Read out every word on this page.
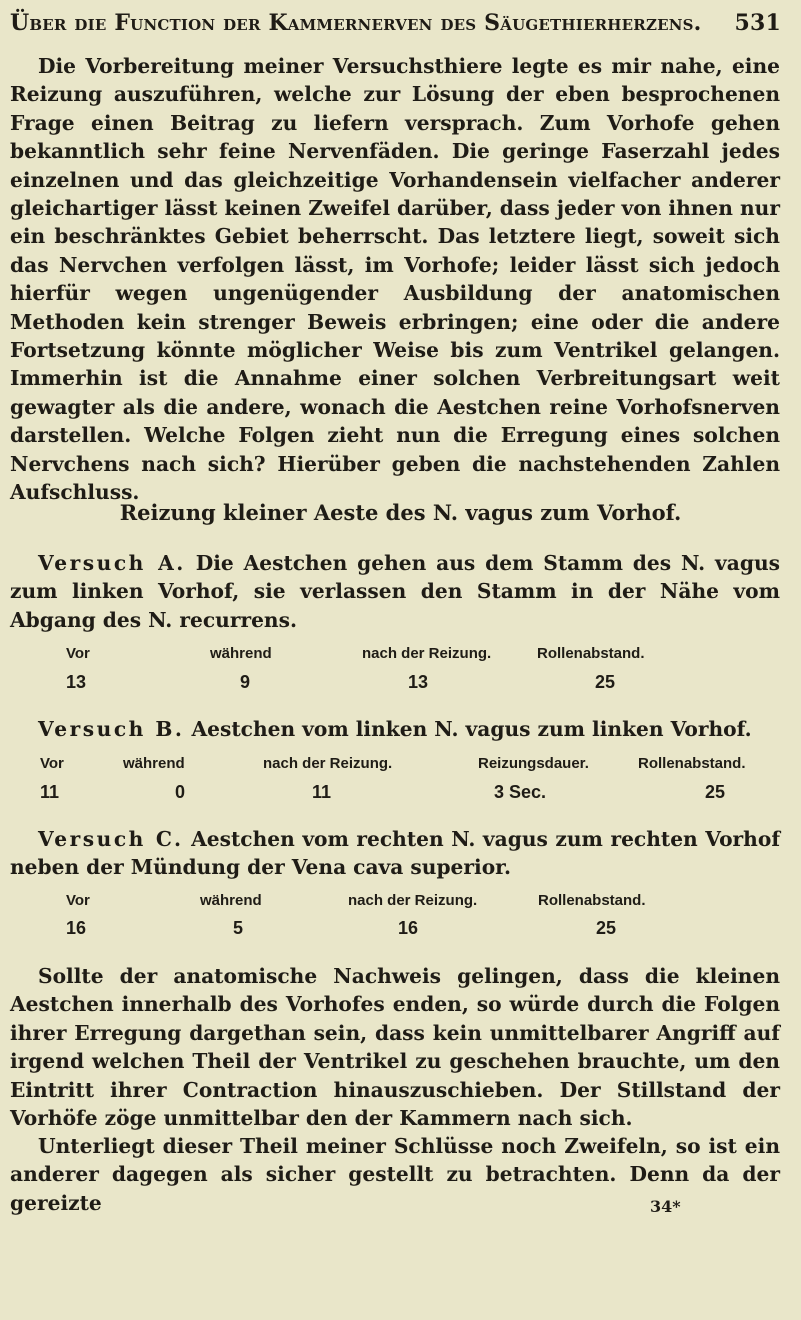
Über die Function der Kammernerven des Säugethierherzens. 531

Die Vorbereitung meiner Versuchsthiere legte es mir nahe, eine Reizung auszuführen, welche zur Lösung der eben besprochenen Frage einen Beitrag zu liefern versprach. Zum Vorhofe gehen bekanntlich sehr feine Nervenfäden. Die geringe Faserzahl jedes einzelnen und das gleichzeitige Vorhandensein vielfacher anderer gleichartiger lässt keinen Zweifel darüber, dass jeder von ihnen nur ein beschränktes Gebiet beherrscht. Das letztere liegt, soweit sich das Nervchen verfolgen lässt, im Vorhofe; leider lässt sich jedoch hierfür wegen ungenügender Ausbildung der anatomischen Methoden kein strenger Beweis erbringen; eine oder die andere Fortsetzung könnte möglicher Weise bis zum Ventrikel gelangen. Immerhin ist die Annahme einer solchen Verbreitungsart weit gewagter als die andere, wonach die Aestchen reine Vorhofsnerven darstellen. Welche Folgen zieht nun die Erregung eines solchen Nervchens nach sich? Hierüber geben die nachstehenden Zahlen Aufschluss.

Reizung kleiner Aeste des N. vagus zum Vorhof.

Versuch A. Die Aestchen gehen aus dem Stamm des N. vagus zum linken Vorhof, sie verlassen den Stamm in der Nähe vom Abgang des N. recurrens.

Vor	während	nach der Reizung.	Rollenabstand.
13	9	13	25

Versuch B. Aestchen vom linken N. vagus zum linken Vorhof.

Vor	während	nach der Reizung.	Reizungsdauer.	Rollenabstand.
11	0	11	3 Sec.	25

Versuch C. Aestchen vom rechten N. vagus zum rechten Vorhof neben der Mündung der Vena cava superior.

Vor	während	nach der Reizung.	Rollenabstand.
16	5	16	25

Sollte der anatomische Nachweis gelingen, dass die kleinen Aestchen innerhalb des Vorhofes enden, so würde durch die Folgen ihrer Erregung dargethan sein, dass kein unmittelbarer Angriff auf irgend welchen Theil der Ventrikel zu geschehen brauchte, um den Eintritt ihrer Contraction hinauszuschieben. Der Stillstand der Vorhöfe zöge unmittelbar den der Kammern nach sich.

Unterliegt dieser Theil meiner Schlüsse noch Zweifeln, so ist ein anderer dagegen als sicher gestellt zu betrachten. Denn da der gereizte	34*
